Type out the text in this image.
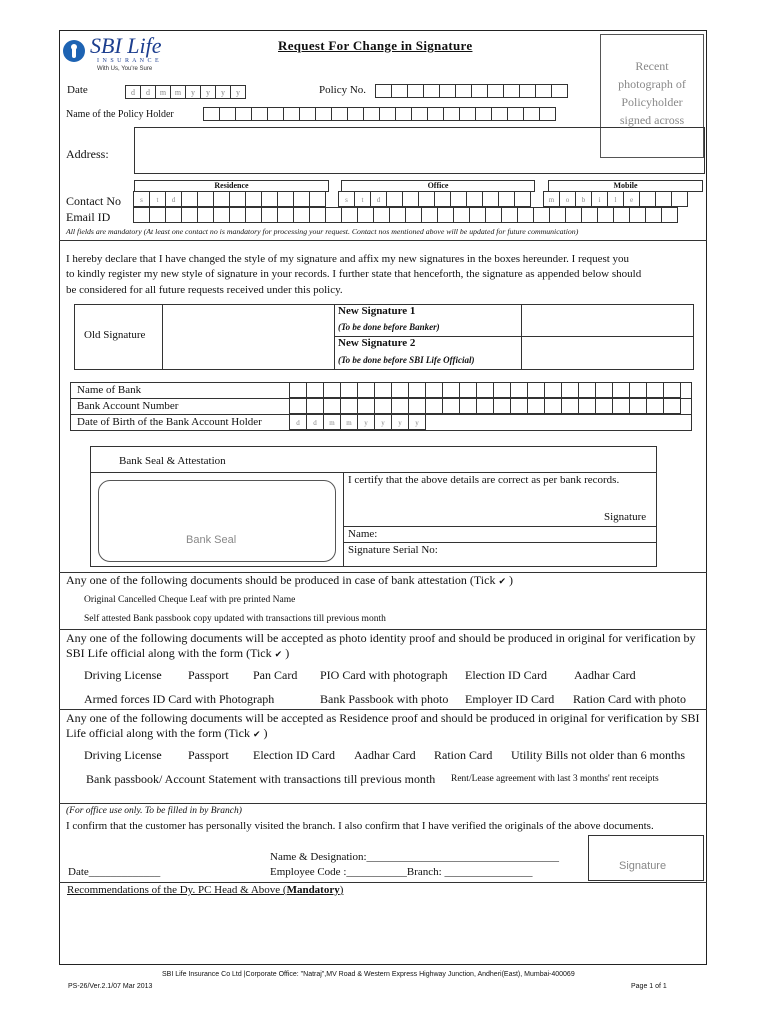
SBI Life
I N S U R A N C E
With Us, You're Sure
Request For Change in Signature
Recent
photograph of
Policyholder
signed across
Date	d	d	m	m	y	y	y	y	Policy No.
Name of the Policy Holder
Address:
Residence	Office	Mobile
Contact No	s	t	d	s	t	d	m	o	b	i	l	e
Email ID
All fields are mandatory (At least one contact no is mandatory for processing your request. Contact nos mentioned above will be updated for future communication)
I hereby declare that I have changed the style of my signature and affix my new signatures in the boxes hereunder. I request you
to kindly register my new style of signature in your records. I further state that henceforth, the signature as appended below should
be considered for all future requests received under this policy.
Old Signature
New Signature 1
(To be done before Banker)
New Signature 2
(To be done before SBI Life Official)
Name of Bank
Bank Account Number
Date of Birth of the Bank Account Holder	d	d	m	m	y	y	y	y
Bank Seal & Attestation
Bank Seal
I certify that the above details are correct as per bank records.
Signature
Name:
Signature Serial No:
Any one of the following documents should be produced in case of bank attestation (Tick ✔ )
Original Cancelled Cheque Leaf with pre printed Name
Self attested Bank passbook copy updated with transactions till previous month
Any one of the following documents will be accepted as photo identity proof and should be produced in original for verification by
SBI Life official along with the form (Tick ✔ )
Driving License Passport Pan Card PIO Card with photograph Election ID Card Aadhar Card
Armed forces ID Card with Photograph	Bank Passbook with photo Employer ID Card Ration Card with photo
Any one of the following documents will be accepted as Residence proof and should be produced in original for verification by SBI
Life official along with the form (Tick ✔ )
Driving License Passport Election ID Card Aadhar Card Ration Card Utility Bills not older than 6 months
Bank passbook/ Account Statement with transactions till previous month Rent/Lease agreement with last 3 months' rent receipts
(For office use only. To be filled in by Branch)
I confirm that the customer has personally visited the branch. I also confirm that I have verified the originals of the above documents.
Name & Designation:___________________________________
Date_____________	Employee Code :___________Branch: ________________	Signature
Recommendations of the Dy. PC Head & Above (Mandatory)
SBI Life Insurance Co Ltd |Corporate Office: "Natraj",MV Road & Western Express Highway Junction, Andheri(East), Mumbai-400069
PS-26/Ver.2.1/07 Mar 2013	Page 1 of 1
